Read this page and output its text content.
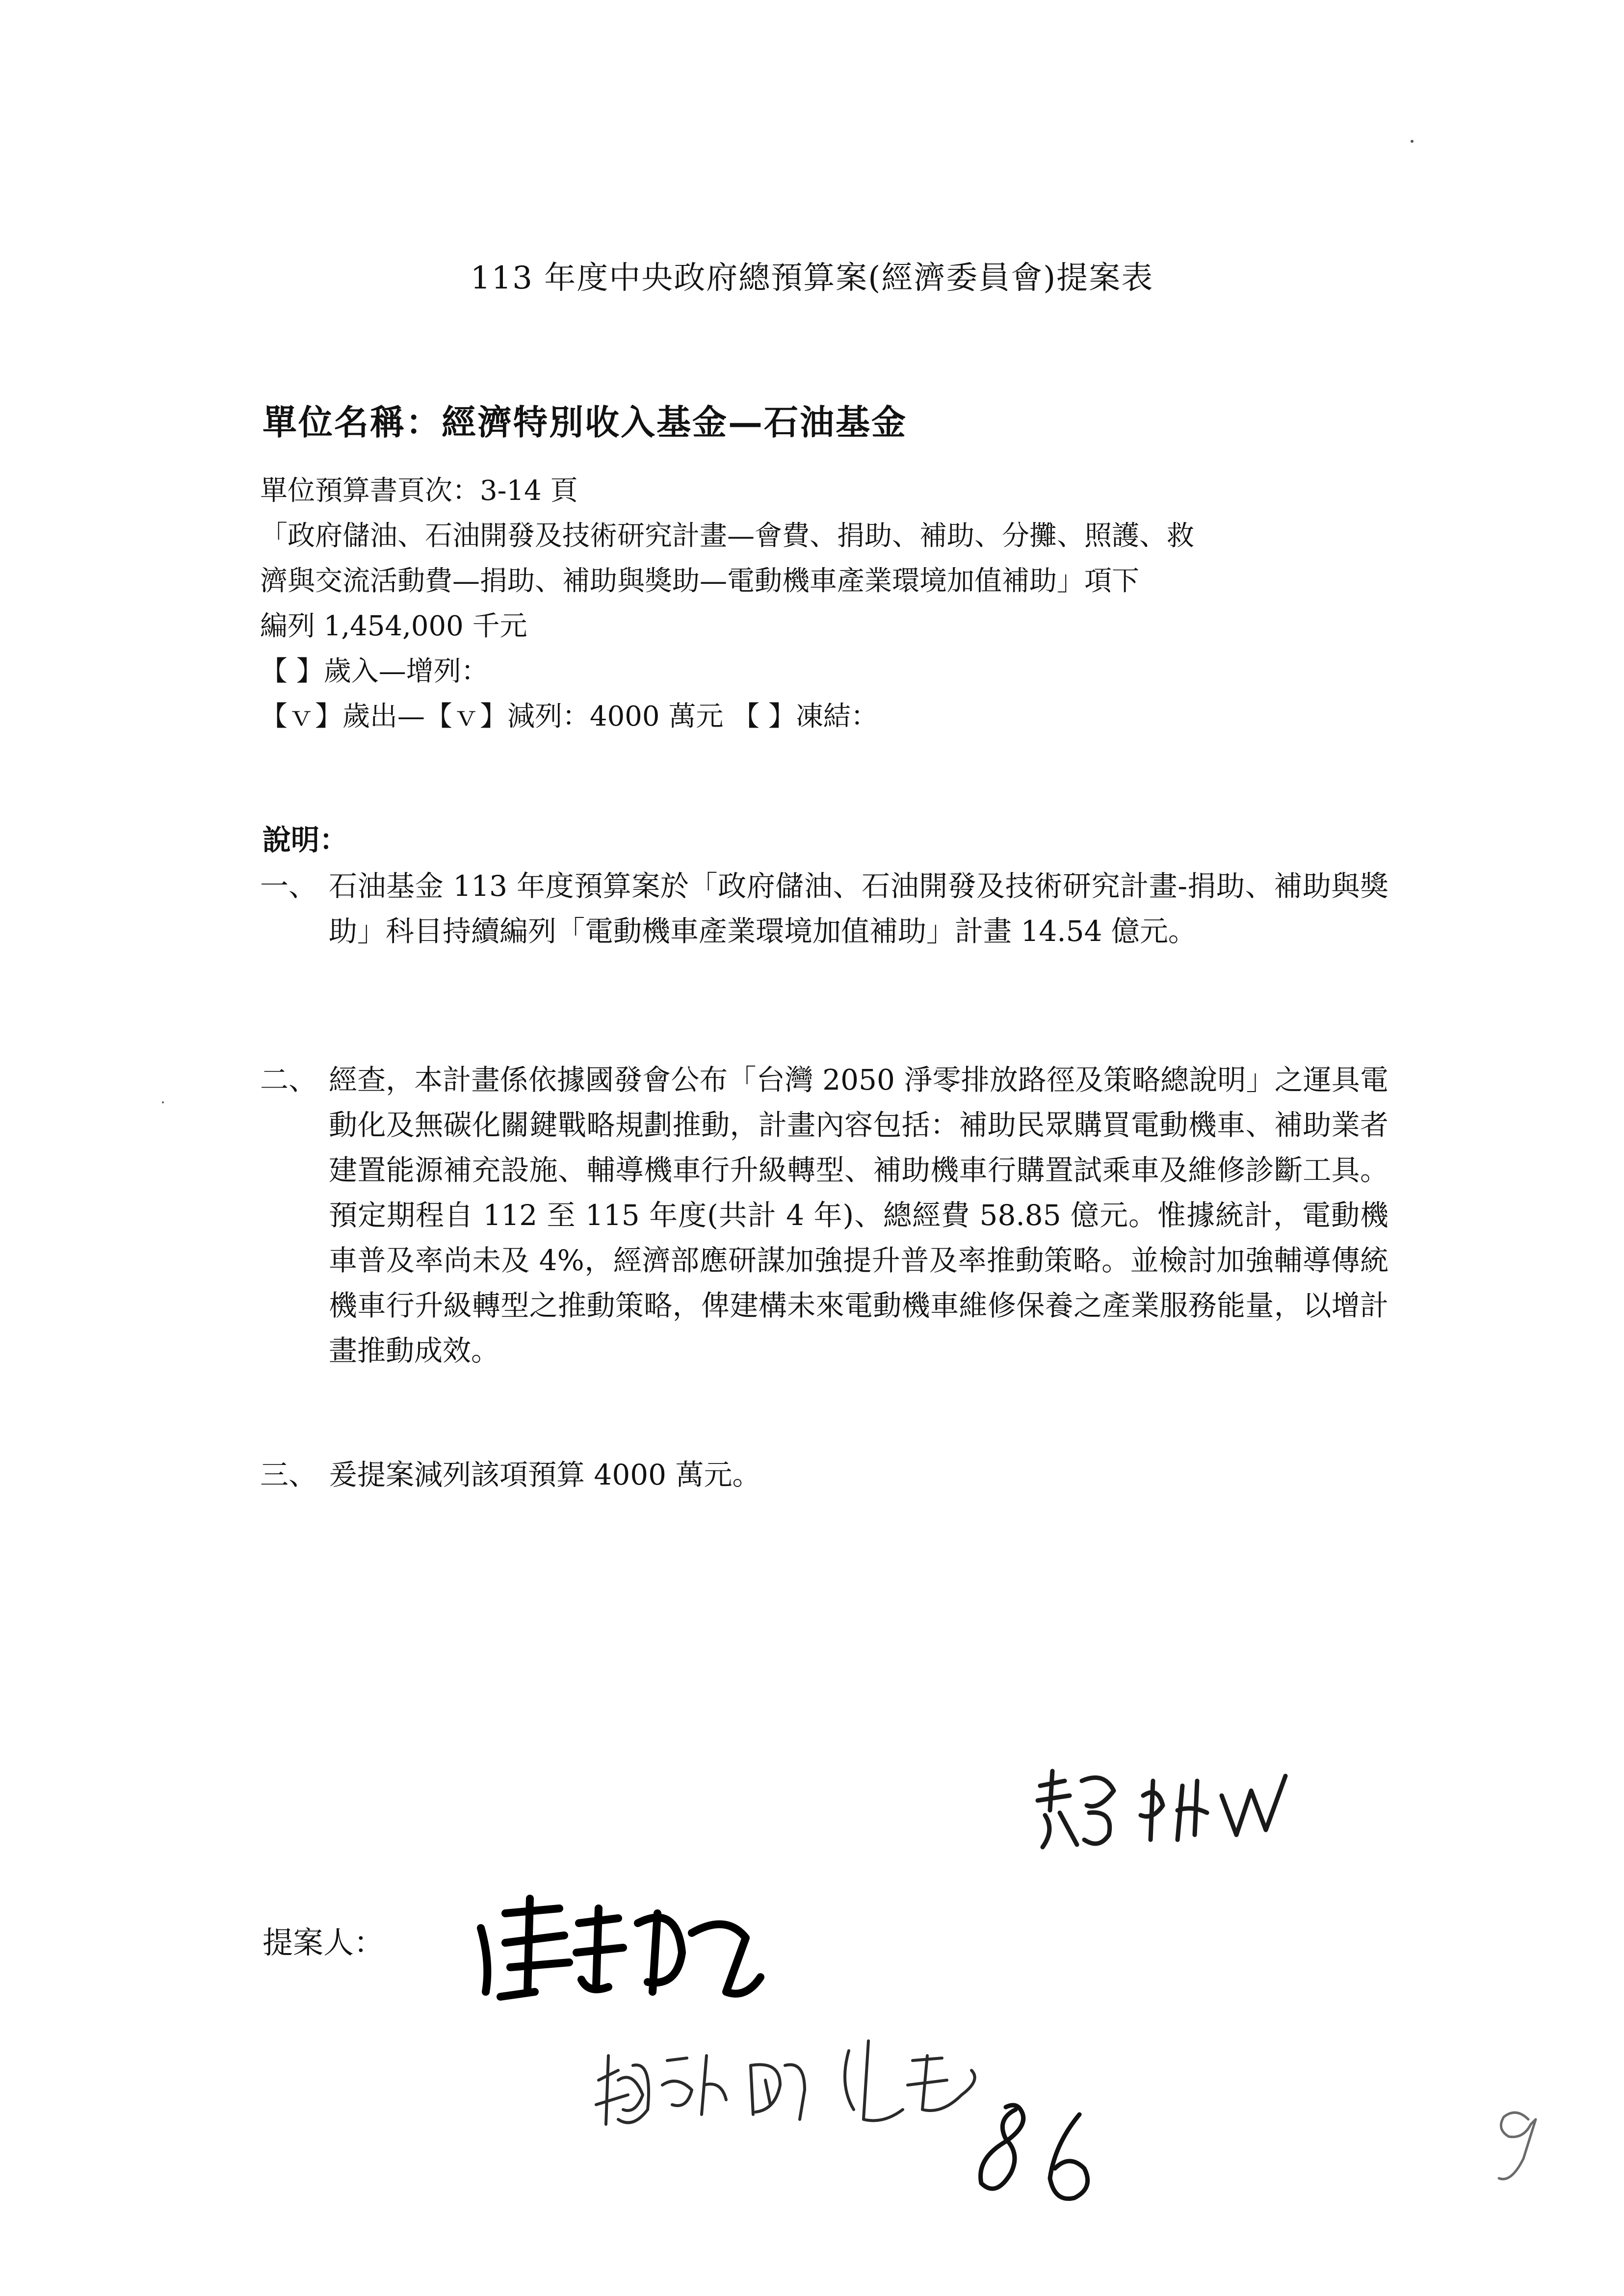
113 年度中央政府總預算案(經濟委員會)提案表
單位名稱：經濟特別收入基金—石油基金
單位預算書頁次：3-14 頁
「政府儲油、石油開發及技術研究計畫—會費、捐助、補助、分攤、照護、救
濟與交流活動費—捐助、補助與獎助—電動機車產業環境加值補助」項下
編列 1,454,000 千元
【 】歲入—增列：
【ｖ】歲出—【ｖ】減列：4000 萬元 【 】凍結：
說明：
一、 石油基金 113 年度預算案於「政府儲油、石油開發及技術研究計畫-捐助、補助與獎助」科目持續編列「電動機車產業環境加值補助」計畫 14.54 億元。
二、 經查，本計畫係依據國發會公布「台灣 2050 淨零排放路徑及策略總說明」之運具電動化及無碳化關鍵戰略規劃推動，計畫內容包括：補助民眾購買電動機車、補助業者建置能源補充設施、輔導機車行升級轉型、補助機車行購置試乘車及維修診斷工具。預定期程自 112 至 115 年度(共計 4 年)、總經費 58.85 億元。惟據統計，電動機車普及率尚未及 4%，經濟部應研謀加強提升普及率推動策略。並檢討加強輔導傳統機車行升級轉型之推動策略，俾建構未來電動機車維修保養之產業服務能量，以增計畫推動成效。
三、 爰提案減列該項預算 4000 萬元。
提案人：
